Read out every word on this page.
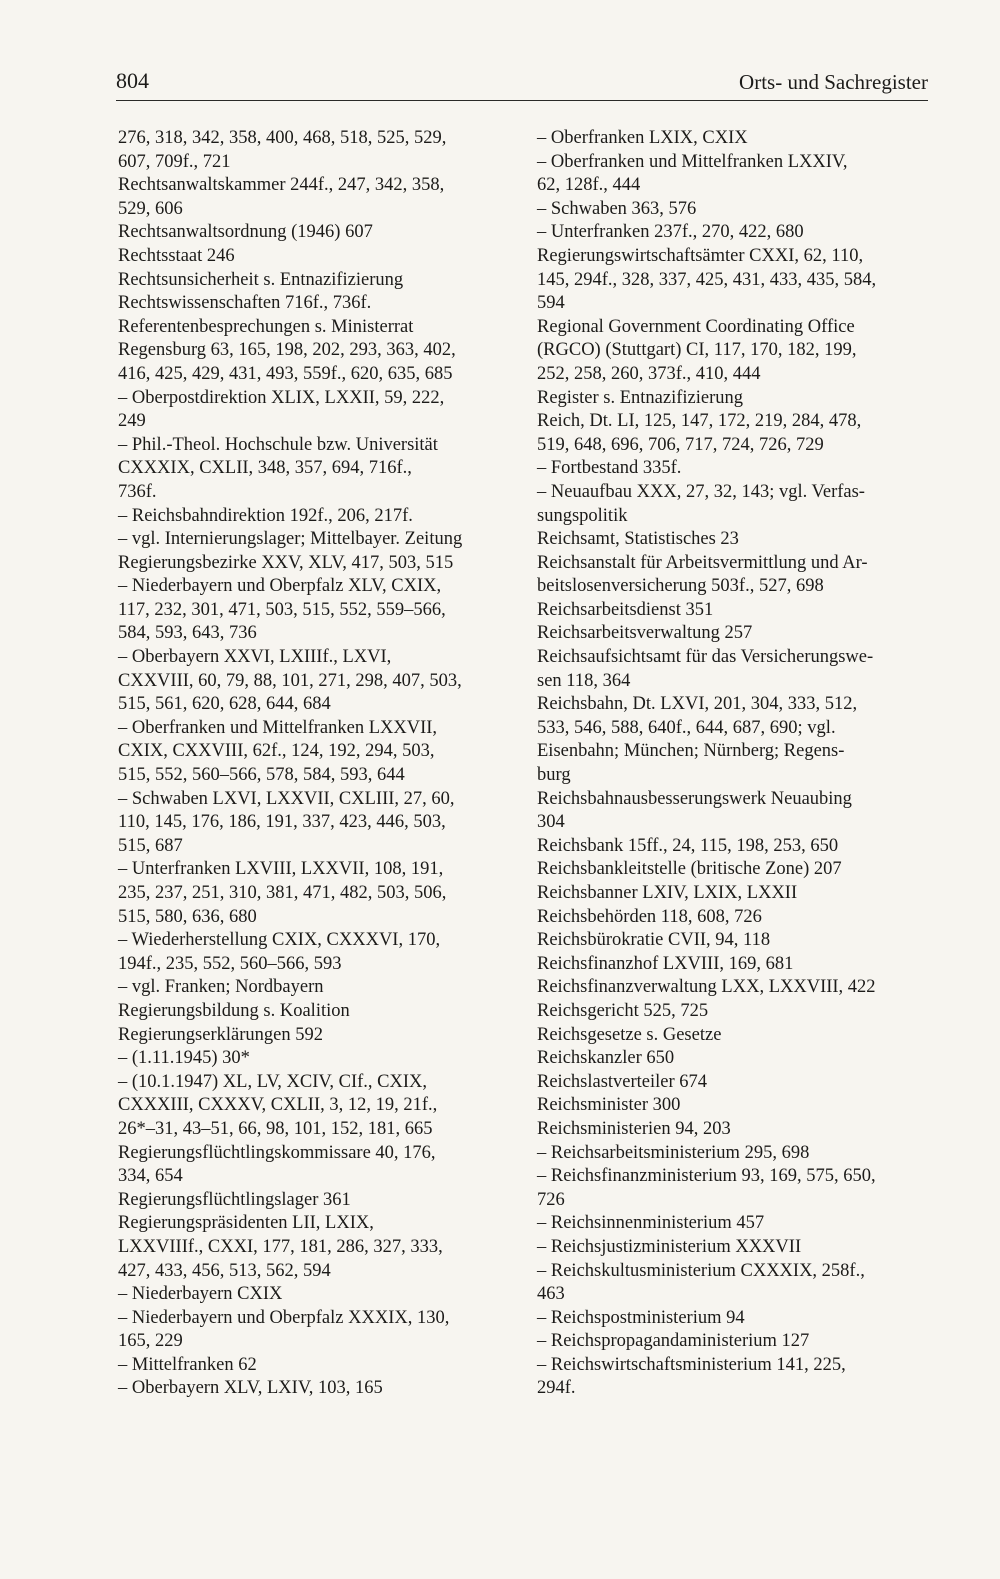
804	Orts- und Sachregister
276, 318, 342, 358, 400, 468, 518, 525, 529,
607, 709f., 721
Rechtsanwaltskammer 244f., 247, 342, 358,
529, 606
Rechtsanwaltsordnung (1946) 607
Rechtsstaat 246
Rechtsunsicherheit s. Entnazifizierung
Rechtswissenschaften 716f., 736f.
Referentenbesprechungen s. Ministerrat
Regensburg 63, 165, 198, 202, 293, 363, 402,
416, 425, 429, 431, 493, 559f., 620, 635, 685
– Oberpostdirektion XLIX, LXXII, 59, 222,
249
– Phil.-Theol. Hochschule bzw. Universität
CXXXIX, CXLII, 348, 357, 694, 716f.,
736f.
– Reichsbahndirektion 192f., 206, 217f.
– vgl. Internierungslager; Mittelbayer. Zeitung
Regierungsbezirke XXV, XLV, 417, 503, 515
– Niederbayern und Oberpfalz XLV, CXIX,
117, 232, 301, 471, 503, 515, 552, 559–566,
584, 593, 643, 736
– Oberbayern XXVI, LXIIIf., LXVI,
CXXVIII, 60, 79, 88, 101, 271, 298, 407, 503,
515, 561, 620, 628, 644, 684
– Oberfranken und Mittelfranken LXXVII,
CXIX, CXXVIII, 62f., 124, 192, 294, 503,
515, 552, 560–566, 578, 584, 593, 644
– Schwaben LXVI, LXXVII, CXLIII, 27, 60,
110, 145, 176, 186, 191, 337, 423, 446, 503,
515, 687
– Unterfranken LXVIII, LXXVII, 108, 191,
235, 237, 251, 310, 381, 471, 482, 503, 506,
515, 580, 636, 680
– Wiederherstellung CXIX, CXXXVI, 170,
194f., 235, 552, 560–566, 593
– vgl. Franken; Nordbayern
Regierungsbildung s. Koalition
Regierungserklärungen 592
– (1.11.1945) 30*
– (10.1.1947) XL, LV, XCIV, CIf., CXIX,
CXXXIII, CXXXV, CXLII, 3, 12, 19, 21f.,
26*–31, 43–51, 66, 98, 101, 152, 181, 665
Regierungsflüchtlingskommissare 40, 176,
334, 654
Regierungsflüchtlingslager 361
Regierungspräsidenten LII, LXIX,
LXXVIIIf., CXXI, 177, 181, 286, 327, 333,
427, 433, 456, 513, 562, 594
– Niederbayern CXIX
– Niederbayern und Oberpfalz XXXIX, 130,
165, 229
– Mittelfranken 62
– Oberbayern XLV, LXIV, 103, 165
– Oberfranken LXIX, CXIX
– Oberfranken und Mittelfranken LXXIV,
62, 128f., 444
– Schwaben 363, 576
– Unterfranken 237f., 270, 422, 680
Regierungswirtschaftsämter CXXI, 62, 110,
145, 294f., 328, 337, 425, 431, 433, 435, 584,
594
Regional Government Coordinating Office
(RGCO) (Stuttgart) CI, 117, 170, 182, 199,
252, 258, 260, 373f., 410, 444
Register s. Entnazifizierung
Reich, Dt. LI, 125, 147, 172, 219, 284, 478,
519, 648, 696, 706, 717, 724, 726, 729
– Fortbestand 335f.
– Neuaufbau XXX, 27, 32, 143; vgl. Verfas-
sungspolitik
Reichsamt, Statistisches 23
Reichsanstalt für Arbeitsvermittlung und Ar-
beitslosenversicherung 503f., 527, 698
Reichsarbeitsdienst 351
Reichsarbeitsverwaltung 257
Reichsaufsichtsamt für das Versicherungswe-
sen 118, 364
Reichsbahn, Dt. LXVI, 201, 304, 333, 512,
533, 546, 588, 640f., 644, 687, 690; vgl.
Eisenbahn; München; Nürnberg; Regens-
burg
Reichsbahnausbesserungswerk Neuaubing
304
Reichsbank 15ff., 24, 115, 198, 253, 650
Reichsbankleitstelle (britische Zone) 207
Reichsbanner LXIV, LXIX, LXXII
Reichsbehörden 118, 608, 726
Reichsbürokratie CVII, 94, 118
Reichsfinanzhof LXVIII, 169, 681
Reichsfinanzverwaltung LXX, LXXVIII, 422
Reichsgericht 525, 725
Reichsgesetze s. Gesetze
Reichskanzler 650
Reichslastverteiler 674
Reichsminister 300
Reichsministerien 94, 203
– Reichsarbeitsministerium 295, 698
– Reichsfinanzministerium 93, 169, 575, 650,
726
– Reichsinnenministerium 457
– Reichsjustizministerium XXXVII
– Reichskultusministerium CXXXIX, 258f.,
463
– Reichspostministerium 94
– Reichspropagandaministerium 127
– Reichswirtschaftsministerium 141, 225,
294f.
